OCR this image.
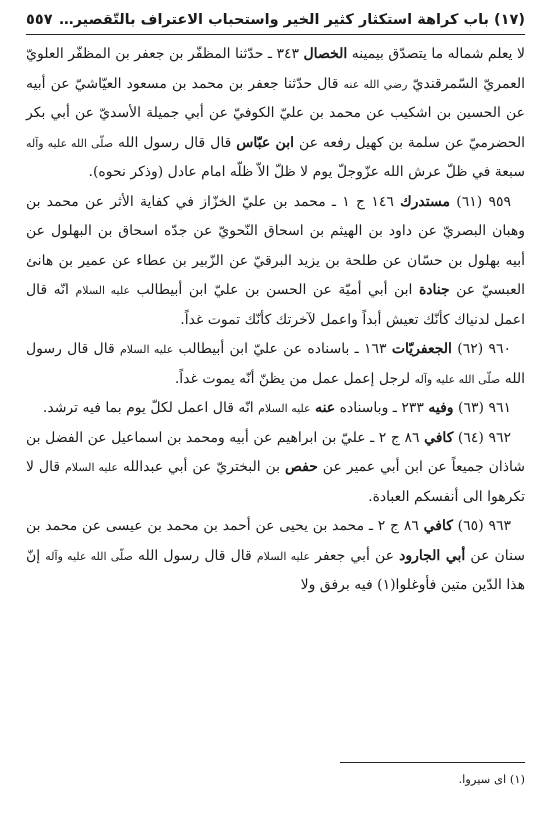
(١٧) باب كراهة استكثار كثير الخير واستحباب الاعتراف بالتّقصير…
٥٥٧

لا يعلم شماله ما يتصدّق بيمينه الخصال ٣٤٣ ـ حدّثنا المظفّر بن جعفر بن المظفّر العلويّ العمريّ السّمرقنديّ رضي الله عنه قال حدّثنا جعفر بن محمد بن مسعود العيّاشيّ عن أبيه عن الحسين بن اشكيب عن محمد بن عليّ الكوفيّ عن أبي جميلة الأسديّ عن أبي بكر الحضرميّ عن سلمة بن كهيل رفعه عن ابن عبّاس قال قال رسول الله صلّى الله عليه وآله سبعة في ظلّ عرش الله عزّوجلّ يوم لا ظلّ الاّ ظلّه امام عادل (وذكر نحوه).

٩٥٩ (٦١) مستدرك ١٤٦ ج ١ ـ محمد بن عليّ الخزّاز في كفاية الأثر عن محمد بن وهبان البصريّ عن داود بن الهيثم بن اسحاق النّحويّ عن جدّه اسحاق بن البهلول عن أبيه بهلول بن حسّان عن طلحة بن يزيد البرقيّ عن الزّبير بن عطاء عن عمير بن هانئ العبسيّ عن جنادة ابن أبي أميّة عن الحسن بن عليّ ابن أبيطالب عليه السلام انّه قال اعمل لدنياك كأنّك تعيش أبداً واعمل لآخرتك كأنّك تموت غداً.

٩٦٠ (٦٢) الجعفريّات ١٦٣ ـ باسناده عن عليّ ابن أبيطالب عليه السلام قال قال رسول الله صلّى الله عليه وآله لرجل إعمل عمل من يظنّ أنّه يموت غداً.

٩٦١ (٦٣) وفيه ٢٣٣ ـ وباسناده عنه عليه السلام انّه قال اعمل لكلّ يوم بما فيه ترشد.

٩٦٢ (٦٤) كافي ٨٦ ج ٢ ـ عليّ بن ابراهيم عن أبيه ومحمد بن اسماعيل عن الفضل بن شاذان جميعاً عن ابن أبي عمير عن حفص بن البختريّ عن أبي عبدالله عليه السلام قال لا تكرهوا الى أنفسكم العبادة.

٩٦٣ (٦٥) كافي ٨٦ ج ٢ ـ محمد بن يحيى عن أحمد بن محمد بن عيسى عن محمد بن سنان عن أبي الجارود عن أبي جعفر عليه السلام قال قال رسول الله صلّى الله عليه وآله إنّ هذا الدّين متين فأوغلوا(١) فيه برفق ولا

(١) اى سيروا.
